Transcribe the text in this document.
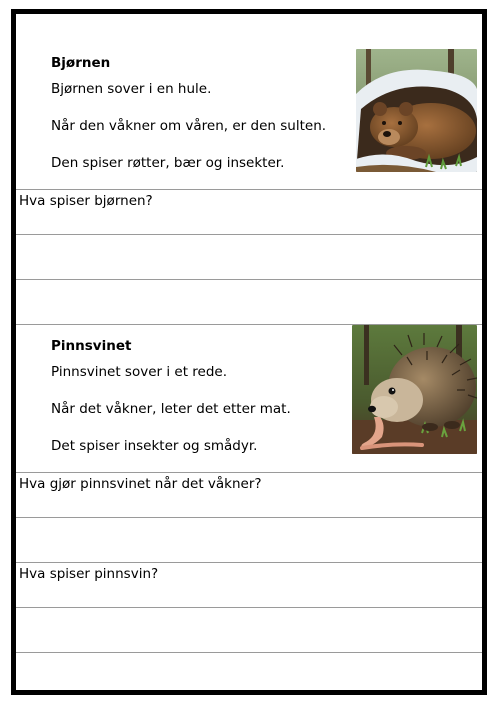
Bjørnen
Bjørnen sover i en hule.
Når den våkner om våren, er den sulten.
Den spiser røtter, bær og insekter.
Hva spiser bjørnen?
Pinnsvinet
Pinnsvinet sover i et rede.
Når det våkner, leter det etter mat.
Det spiser insekter og smådyr.
Hva gjør pinnsvinet når det våkner?
Hva spiser pinnsvin?
